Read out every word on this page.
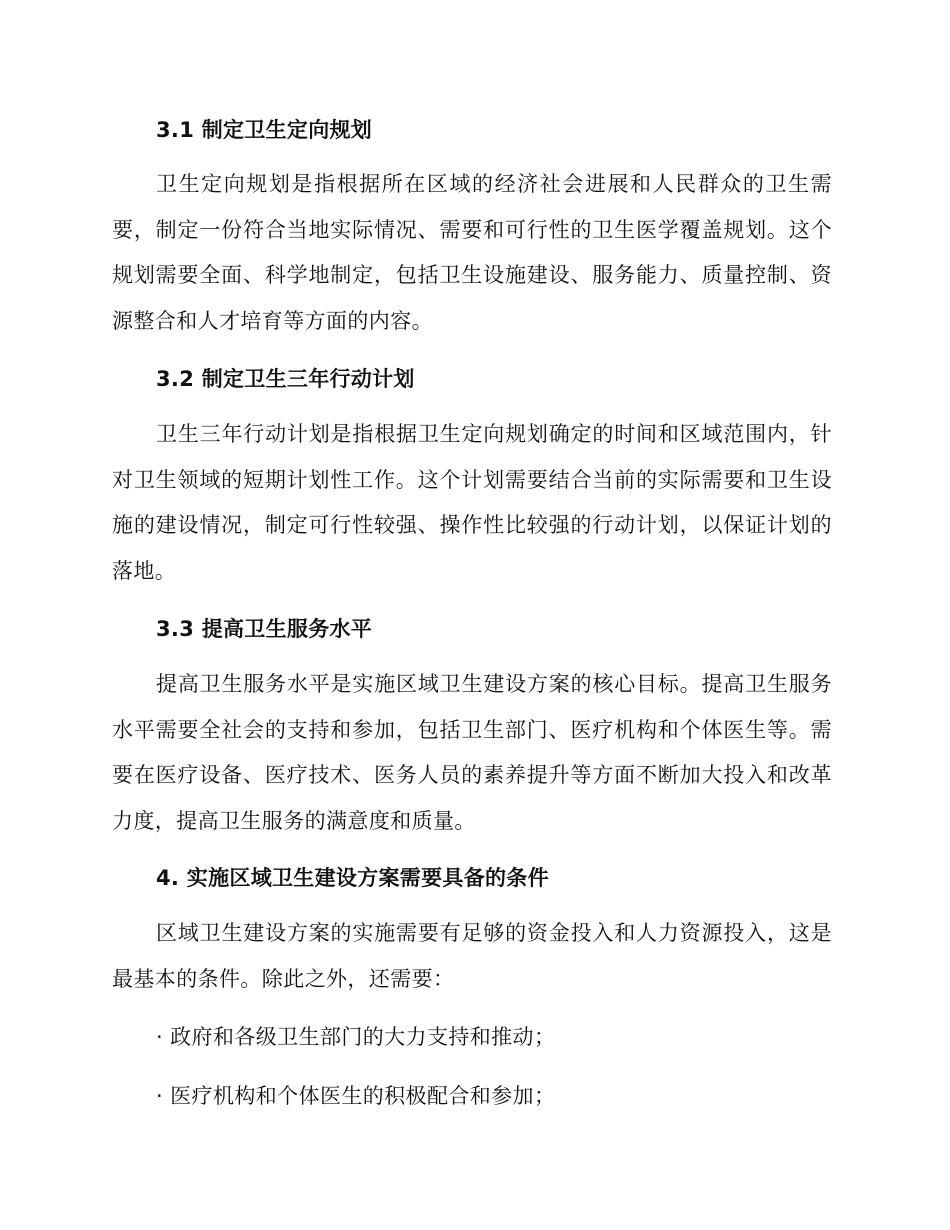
3.1 制定卫生定向规划
卫生定向规划是指根据所在区域的经济社会进展和人民群众的卫生需要，制定一份符合当地实际情况、需要和可行性的卫生医学覆盖规划。这个规划需要全面、科学地制定，包括卫生设施建设、服务能力、质量控制、资源整合和人才培育等方面的内容。
3.2 制定卫生三年行动计划
卫生三年行动计划是指根据卫生定向规划确定的时间和区域范围内，针对卫生领域的短期计划性工作。这个计划需要结合当前的实际需要和卫生设施的建设情况，制定可行性较强、操作性比较强的行动计划，以保证计划的落地。
3.3 提高卫生服务水平
提高卫生服务水平是实施区域卫生建设方案的核心目标。提高卫生服务水平需要全社会的支持和参加，包括卫生部门、医疗机构和个体医生等。需要在医疗设备、医疗技术、医务人员的素养提升等方面不断加大投入和改革力度，提高卫生服务的满意度和质量。
4. 实施区域卫生建设方案需要具备的条件
区域卫生建设方案的实施需要有足够的资金投入和人力资源投入，这是最基本的条件。除此之外，还需要：
· 政府和各级卫生部门的大力支持和推动；
· 医疗机构和个体医生的积极配合和参加；
